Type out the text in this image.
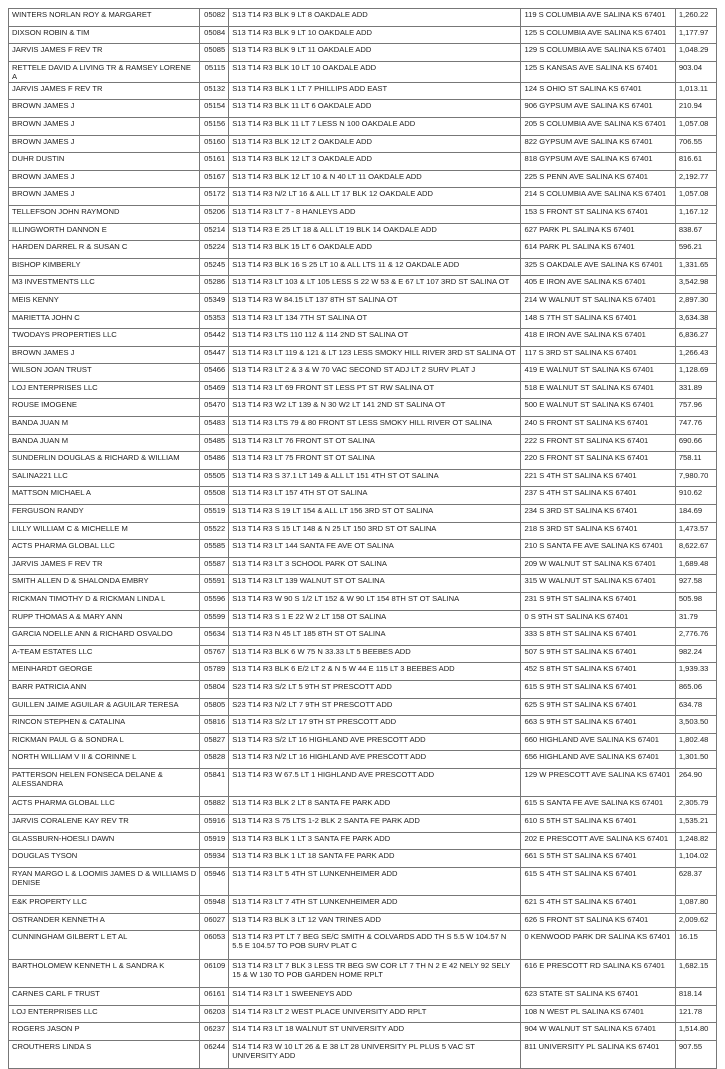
WINTERS NORLAN ROY & MARGARET	05082	S13 T14 R3 BLK 9 LT 8 OAKDALE ADD	119 S COLUMBIA AVE SALINA KS 67401	1,260.22
DIXSON ROBIN & TIM	05084	S13 T14 R3 BLK 9 LT 10 OAKDALE ADD	125 S COLUMBIA AVE SALINA KS 67401	1,177.97
JARVIS JAMES F REV TR	05085	S13 T14 R3 BLK 9 LT 11 OAKDALE ADD	129 S COLUMBIA AVE SALINA KS 67401	1,048.29
RETTELE DAVID A LIVING TR & RAMSEY LORENE A	05115	S13 T14 R3 BLK 10 LT 10 OAKDALE ADD	125 S KANSAS AVE SALINA KS 67401	903.04
JARVIS JAMES F REV TR	05132	S13 T14 R3 BLK 1 LT 7 PHILLIPS ADD EAST	124 S OHIO ST SALINA KS 67401	1,013.11
BROWN JAMES J	05154	S13 T14 R3 BLK 11 LT 6 OAKDALE ADD	906 GYPSUM AVE SALINA KS 67401	210.94
BROWN JAMES J	05156	S13 T14 R3 BLK 11 LT 7 LESS N 100 OAKDALE ADD	205 S COLUMBIA AVE SALINA KS 67401	1,057.08
BROWN JAMES J	05160	S13 T14 R3 BLK 12 LT 2 OAKDALE ADD	822 GYPSUM AVE SALINA KS 67401	706.55
DUHR DUSTIN	05161	S13 T14 R3 BLK 12 LT 3 OAKDALE ADD	818 GYPSUM AVE SALINA KS 67401	816.61
BROWN JAMES J	05167	S13 T14 R3 BLK 12 LT 10 & N 40 LT 11 OAKDALE ADD	225 S PENN AVE SALINA KS 67401	2,192.77
BROWN JAMES J	05172	S13 T14 R3 N/2 LT 16 & ALL LT 17 BLK 12 OAKDALE ADD	214 S COLUMBIA AVE SALINA KS 67401	1,057.08
TELLEFSON JOHN RAYMOND	05206	S13 T14 R3 LT 7 - 8 HANLEYS ADD	153 S FRONT ST SALINA KS 67401	1,167.12
ILLINGWORTH DANNON E	05214	S13 T14 R3 E 25 LT 18 & ALL LT 19 BLK 14 OAKDALE ADD	627 PARK PL SALINA KS 67401	838.67
HARDEN DARREL R & SUSAN C	05224	S13 T14 R3 BLK 15 LT 6 OAKDALE ADD	614 PARK PL SALINA KS 67401	596.21
BISHOP KIMBERLY	05245	S13 T14 R3 BLK 16 S 25 LT 10 & ALL LTS 11 & 12 OAKDALE ADD	325 S OAKDALE AVE SALINA KS 67401	1,331.65
M3 INVESTMENTS LLC	05286	S13 T14 R3 LT 103 & LT 105 LESS S 22 W 53 & E 67 LT 107 3RD ST SALINA OT	405 E IRON AVE SALINA KS 67401	3,542.98
MEIS KENNY	05349	S13 T14 R3 W 84.15 LT 137 8TH ST SALINA OT	214 W WALNUT ST SALINA KS 67401	2,897.30
MARIETTA JOHN C	05353	S13 T14 R3 LT 134 7TH ST SALINA OT	148 S 7TH ST SALINA KS 67401	3,634.38
TWODAYS PROPERTIES LLC	05442	S13 T14 R3 LTS 110 112 & 114 2ND ST SALINA OT	418 E IRON AVE SALINA KS 67401	6,836.27
BROWN JAMES J	05447	S13 T14 R3 LT 119 & 121 & LT 123 LESS SMOKY HILL RIVER 3RD ST SALINA OT	117 S 3RD ST SALINA KS 67401	1,266.43
WILSON JOAN TRUST	05466	S13 T14 R3 LT 2 & 3 & W 70 VAC SECOND ST ADJ LT 2 SURV PLAT J	419 E WALNUT ST SALINA KS 67401	1,128.69
LOJ ENTERPRISES LLC	05469	S13 T14 R3 LT 69 FRONT ST LESS PT ST RW SALINA OT	518 E WALNUT ST SALINA KS 67401	331.89
ROUSE IMOGENE	05470	S13 T14 R3 W2 LT 139 & N 30 W2 LT 141 2ND ST SALINA OT	500 E WALNUT ST SALINA KS 67401	757.96
BANDA JUAN M	05483	S13 T14 R3 LTS 79 & 80 FRONT ST LESS SMOKY HILL RIVER OT SALINA	240 S FRONT ST SALINA KS 67401	747.76
BANDA JUAN M	05485	S13 T14 R3 LT 76 FRONT ST OT SALINA	222 S FRONT ST SALINA KS 67401	690.66
SUNDERLIN DOUGLAS & RICHARD & WILLIAM	05486	S13 T14 R3 LT 75 FRONT ST OT SALINA	220 S FRONT ST SALINA KS 67401	758.11
SALINA221 LLC	05505	S13 T14 R3 S 37.1 LT 149 & ALL LT 151 4TH ST OT SALINA	221 S 4TH ST SALINA KS 67401	7,980.70
MATTSON MICHAEL A	05508	S13 T14 R3 LT 157 4TH ST OT SALINA	237 S 4TH ST SALINA KS 67401	910.62
FERGUSON RANDY	05519	S13 T14 R3 S 19 LT 154 & ALL LT 156 3RD ST OT SALINA	234 S 3RD ST SALINA KS 67401	184.69
LILLY WILLIAM C & MICHELLE M	05522	S13 T14 R3 S 15 LT 148 & N 25 LT 150 3RD ST OT SALINA	218 S 3RD ST SALINA KS 67401	1,473.57
ACTS PHARMA GLOBAL LLC	05585	S13 T14 R3 LT 144 SANTA FE AVE OT SALINA	210 S SANTA FE AVE SALINA KS 67401	8,622.67
JARVIS JAMES F REV TR	05587	S13 T14 R3 LT 3 SCHOOL PARK OT SALINA	209 W WALNUT ST SALINA KS 67401	1,689.48
SMITH ALLEN D & SHALONDA EMBRY	05591	S13 T14 R3 LT 139 WALNUT ST OT SALINA	315 W WALNUT ST SALINA KS 67401	927.58
RICKMAN TIMOTHY D & RICKMAN LINDA L	05596	S13 T14 R3 W 90 S 1/2 LT 152 & W 90 LT 154 8TH ST OT SALINA	231 S 9TH ST SALINA KS 67401	505.98
RUPP THOMAS A & MARY ANN	05599	S13 T14 R3 S 1 E 22 W 2 LT 158 OT SALINA	0 S 9TH ST SALINA KS 67401	31.79
GARCIA NOELLE ANN & RICHARD OSVALDO	05634	S13 T14 R3 N 45 LT 185 8TH ST OT SALINA	333 S 8TH ST SALINA KS 67401	2,776.76
A-TEAM ESTATES LLC	05767	S13 T14 R3 BLK 6 W 75 N 33.33 LT 5 BEEBES ADD	507 S 9TH ST SALINA KS 67401	982.24
MEINHARDT GEORGE	05789	S13 T14 R3 BLK 6 E/2 LT 2 & N 5 W 44 E 115 LT 3 BEEBES ADD	452 S 8TH ST SALINA KS 67401	1,939.33
BARR PATRICIA ANN	05804	S23 T14 R3 S/2 LT 5 9TH ST PRESCOTT ADD	615 S 9TH ST SALINA KS 67401	865.06
GUILLEN JAIME AGUILAR & AGUILAR TERESA	05805	S23 T14 R3 N/2 LT 7 9TH ST PRESCOTT ADD	625 S 9TH ST SALINA KS 67401	634.78
RINCON STEPHEN & CATALINA	05816	S13 T14 R3 S/2 LT 17 9TH ST PRESCOTT ADD	663 S 9TH ST SALINA KS 67401	3,503.50
RICKMAN PAUL G & SONDRA L	05827	S13 T14 R3 S/2 LT 16 HIGHLAND AVE PRESCOTT ADD	660 HIGHLAND AVE SALINA KS 67401	1,802.48
NORTH WILLIAM V II & CORINNE L	05828	S13 T14 R3 N/2 LT 16 HIGHLAND AVE PRESCOTT ADD	656 HIGHLAND AVE SALINA KS 67401	1,301.50
PATTERSON HELEN FONSECA DELANE & ALESSANDRA	05841	S13 T14 R3 W 67.5 LT 1 HIGHLAND AVE PRESCOTT ADD	129 W PRESCOTT AVE SALINA KS 67401	264.90
ACTS PHARMA GLOBAL LLC	05882	S13 T14 R3 BLK 2 LT 8 SANTA FE PARK ADD	615 S SANTA FE AVE SALINA KS 67401	2,305.79
JARVIS CORALENE KAY REV TR	05916	S13 T14 R3 S 75 LTS 1-2 BLK 2 SANTA FE PARK ADD	610 S 5TH ST SALINA KS 67401	1,535.21
GLASSBURN-HOESLI DAWN	05919	S13 T14 R3 BLK 1 LT 3 SANTA FE PARK ADD	202 E PRESCOTT AVE SALINA KS 67401	1,248.82
DOUGLAS TYSON	05934	S13 T14 R3 BLK 1 LT 18 SANTA FE PARK ADD	661 S 5TH ST SALINA KS 67401	1,104.02
RYAN MARGO L & LOOMIS JAMES D & WILLIAMS D DENISE	05946	S13 T14 R3 LT 5 4TH ST LUNKENHEIMER ADD	615 S 4TH ST SALINA KS 67401	628.37
E&K PROPERTY LLC	05948	S13 T14 R3 LT 7 4TH ST LUNKENHEIMER ADD	621 S 4TH ST SALINA KS 67401	1,087.80
OSTRANDER KENNETH A	06027	S13 T14 R3 BLK 3 LT 12 VAN TRINES ADD	626 S FRONT ST SALINA KS 67401	2,009.62
CUNNINGHAM GILBERT L ET AL	06053	S13 T14 R3 PT LT 7 BEG SE/C SMITH & COLVARDS ADD TH S 5.5 W 104.57 N 5.5 E 104.57 TO POB SURV PLAT C	0 KENWOOD PARK DR SALINA KS 67401	16.15
BARTHOLOMEW KENNETH L & SANDRA K	06109	S13 T14 R3 LT 7 BLK 3 LESS TR BEG SW COR LT 7 TH N 2 E 42 NELY 92 SELY 15 & W 130 TO POB GARDEN HOME RPLT	616 E PRESCOTT RD SALINA KS 67401	1,682.15
CARNES CARL F TRUST	06161	S14 T14 R3 LT 1 SWEENEYS ADD	623 STATE ST SALINA KS 67401	818.14
LOJ ENTERPRISES LLC	06203	S14 T14 R3 LT 2 WEST PLACE UNIVERSITY ADD RPLT	108 N WEST PL SALINA KS 67401	121.78
ROGERS JASON P	06237	S14 T14 R3 LT 18 WALNUT ST UNIVERSITY ADD	904 W WALNUT ST SALINA KS 67401	1,514.80
CROUTHERS LINDA S	06244	S14 T14 R3 W 10 LT 26 & E 38 LT 28 UNIVERSITY PL PLUS 5 VAC ST UNIVERSITY ADD	811 UNIVERSITY PL SALINA KS 67401	907.55
